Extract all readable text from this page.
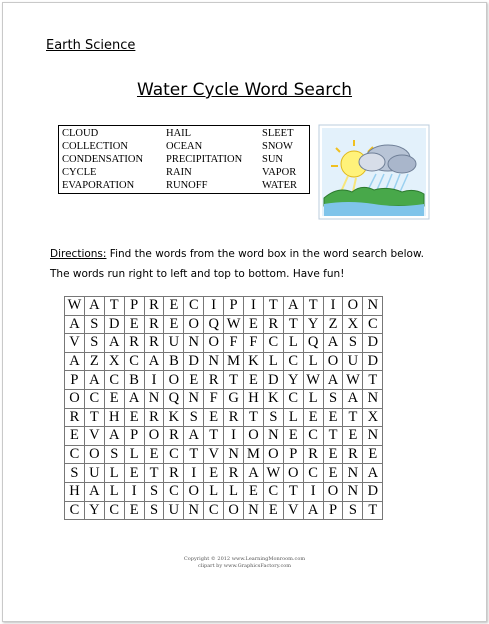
Earth Science
Water Cycle Word Search
CLOUD	HAIL	SLEET
COLLECTION	OCEAN	SNOW
CONDENSATION	PRECIPITATION	SUN
CYCLE	RAIN	VAPOR
EVAPORATION	RUNOFF	WATER
Directions: Find the words from the word box in the word search below.
The words run right to left and top to bottom. Have fun!
W	A	T	P	R	E	C	I	P	I	T	A	T	I	O	N
A	S	D	E	R	E	O	Q	W	E	R	T	Y	Z	X	C
V	S	A	R	R	U	N	O	F	F	C	L	Q	A	S	D
A	Z	X	C	A	B	D	N	M	K	L	C	L	O	U	D
P	A	C	B	I	O	E	R	T	E	D	Y	W	A	W	T
O	C	E	A	N	Q	N	F	G	H	K	C	L	S	A	N
R	T	H	E	R	K	S	E	R	T	S	L	E	E	T	X
E	V	A	P	O	R	A	T	I	O	N	E	C	T	E	N
C	O	S	L	E	C	T	V	N	M	O	P	R	E	R	E
S	U	L	E	T	R	I	E	R	A	W	O	C	E	N	A
H	A	L	I	S	C	O	L	L	E	C	T	I	O	N	D
C	Y	C	E	S	U	N	C	O	N	E	V	A	P	S	T
Copyright © 2012 www.LearningMonroom.com
clipart by www.GraphicsFactory.com
